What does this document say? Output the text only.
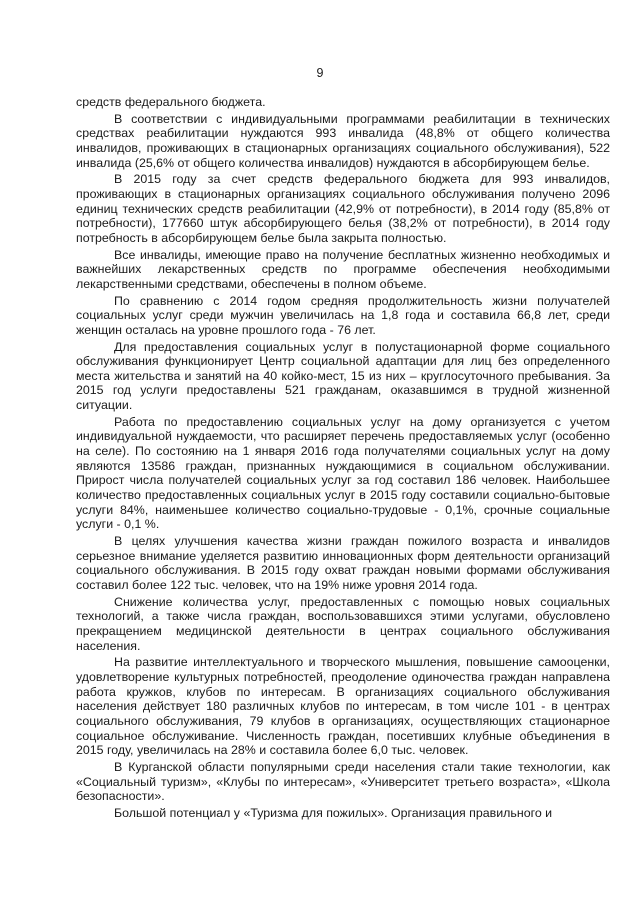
9

средств федерального бюджета.

В соответствии с индивидуальными программами реабилитации в технических средствах реабилитации нуждаются 993 инвалида (48,8% от общего количества инвалидов, проживающих в стационарных организациях социального обслуживания), 522 инвалида (25,6% от общего количества инвалидов) нуждаются в абсорбирующем белье.

В 2015 году за счет средств федерального бюджета для 993 инвалидов, проживающих в стационарных организациях социального обслуживания получено 2096 единиц технических средств реабилитации (42,9% от потребности), в 2014 году (85,8% от потребности), 177660 штук абсорбирующего белья (38,2% от потребности), в 2014 году потребность в абсорбирующем белье была закрыта полностью.

Все инвалиды, имеющие право на получение бесплатных жизненно необходимых и важнейших лекарственных средств по программе обеспечения необходимыми лекарственными средствами, обеспечены в полном объеме.

По сравнению с 2014 годом средняя продолжительность жизни получателей социальных услуг среди мужчин увеличилась на 1,8 года и составила 66,8 лет, среди женщин осталась на уровне прошлого года - 76 лет.

Для предоставления социальных услуг в полустационарной форме социального обслуживания функционирует Центр социальной адаптации для лиц без определенного места жительства и занятий на 40 койко-мест, 15 из них – круглосуточного пребывания. За 2015 год услуги предоставлены 521 гражданам, оказавшимся в трудной жизненной ситуации.

Работа по предоставлению социальных услуг на дому организуется с учетом индивидуальной нуждаемости, что расширяет перечень предоставляемых услуг (особенно на селе). По состоянию на 1 января 2016 года получателями социальных услуг на дому являются 13586 граждан, признанных нуждающимися в социальном обслуживании. Прирост числа получателей социальных услуг за год составил 186 человек. Наибольшее количество предоставленных социальных услуг в 2015 году составили социально-бытовые услуги 84%, наименьшее количество социально-трудовые - 0,1%, срочные социальные услуги - 0,1 %.

В целях улучшения качества жизни граждан пожилого возраста и инвалидов серьезное внимание уделяется развитию инновационных форм деятельности организаций социального обслуживания. В 2015 году охват граждан новыми формами обслуживания составил более 122 тыс. человек, что на 19% ниже уровня 2014 года.

Снижение количества услуг, предоставленных с помощью новых социальных технологий, а также числа граждан, воспользовавшихся этими услугами, обусловлено прекращением медицинской деятельности в центрах социального обслуживания населения.

На развитие интеллектуального и творческого мышления, повышение самооценки, удовлетворение культурных потребностей, преодоление одиночества граждан направлена работа кружков, клубов по интересам. В организациях социального обслуживания населения действует 180 различных клубов по интересам, в том числе 101 - в центрах социального обслуживания, 79 клубов в организациях, осуществляющих стационарное социальное обслуживание. Численность граждан, посетивших клубные объединения в 2015 году, увеличилась на 28% и составила более 6,0 тыс. человек.

В Курганской области популярными среди населения стали такие технологии, как «Социальный туризм», «Клубы по интересам», «Университет третьего возраста», «Школа безопасности».

Большой потенциал у «Туризма для пожилых». Организация правильного и
